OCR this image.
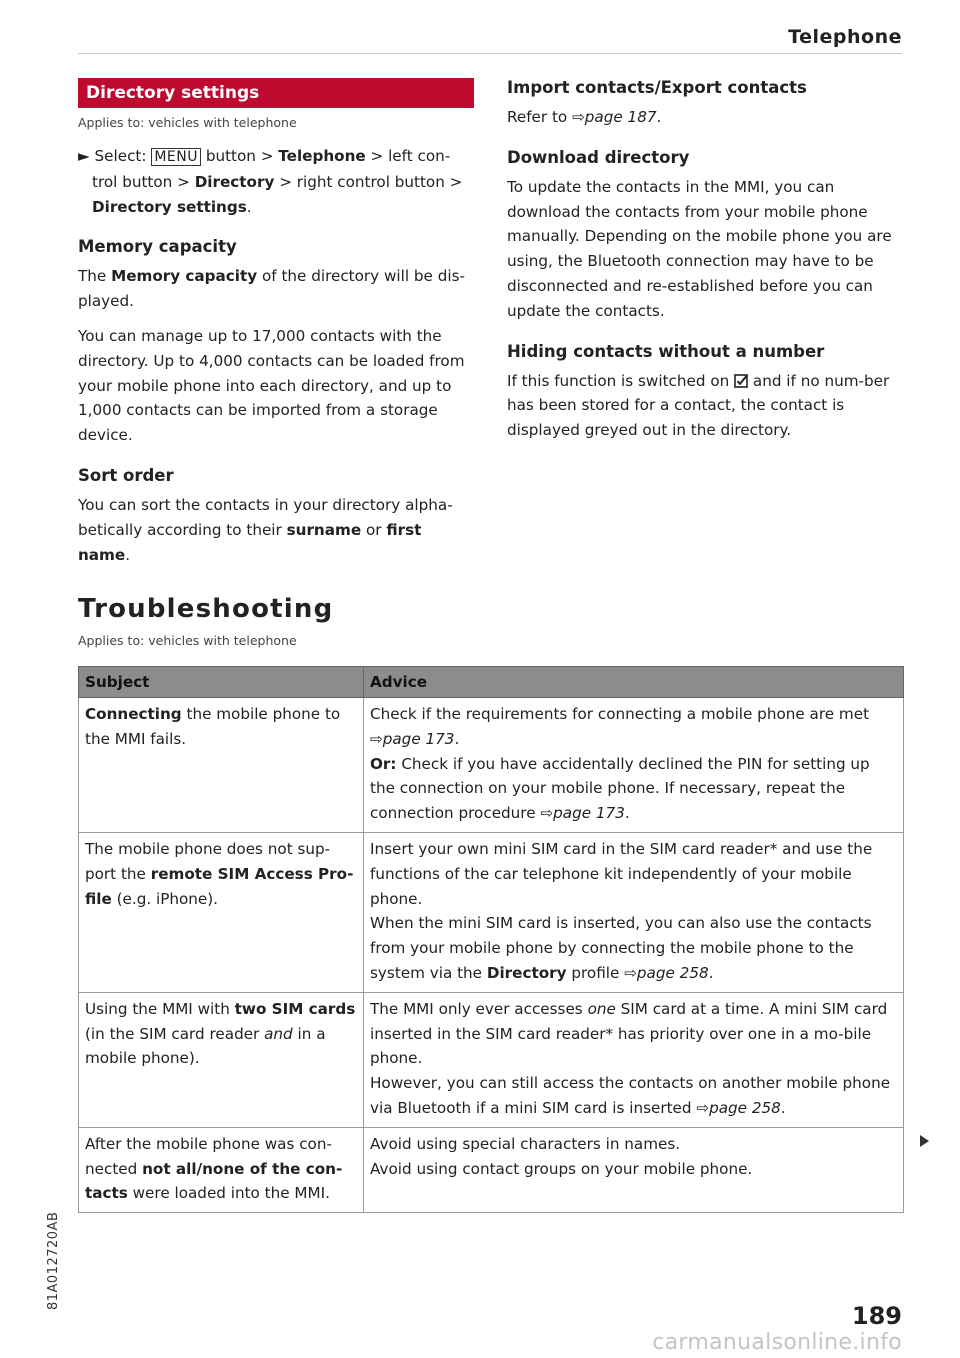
Telephone
Directory settings
Applies to: vehicles with telephone
► Select: MENU button > Telephone > left con-trol button > Directory > right control button > Directory settings.
Memory capacity

The Memory capacity of the directory will be dis-played.

You can manage up to 17,000 contacts with the directory. Up to 4,000 contacts can be loaded from your mobile phone into each directory, and up to 1,000 contacts can be imported from a storage device.

Sort order

You can sort the contacts in your directory alpha-betically according to their surname or first name.

Import contacts/Export contacts

Refer to ⇨page 187.

Download directory

To update the contacts in the MMI, you can download the contacts from your mobile phone manually. Depending on the mobile phone you are using, the Bluetooth connection may have to be disconnected and re-established before you can update the contacts.

Hiding contacts without a number

If this function is switched on and if no num-ber has been stored for a contact, the contact is displayed greyed out in the directory.

Troubleshooting
Applies to: vehicles with telephone
Subject	Advice
Connecting the mobile phone to the MMI fails.	Check if the requirements for connecting a mobile phone are met ⇨page 173.
Or: Check if you have accidentally declined the PIN for setting up the connection on your mobile phone. If necessary, repeat the connection procedure ⇨page 173.

The mobile phone does not sup-port the remote SIM Access Pro-file (e.g. iPhone).	Insert your own mini SIM card in the SIM card reader* and use the functions of the car telephone kit independently of your mobile phone.
When the mini SIM card is inserted, you can also use the contacts from your mobile phone by connecting the mobile phone to the system via the Directory profile ⇨page 258.

Using the MMI with two SIM cards (in the SIM card reader and in a mobile phone).	The MMI only ever accesses one SIM card at a time. A mini SIM card inserted in the SIM card reader* has priority over one in a mo-bile phone.
However, you can still access the contacts on another mobile phone via Bluetooth if a mini SIM card is inserted ⇨page 258.

After the mobile phone was con-nected not all/none of the con-tacts were loaded into the MMI.	Avoid using special characters in names.
Avoid using contact groups on your mobile phone.
81A012720AB
189
carmanualsonline.info
